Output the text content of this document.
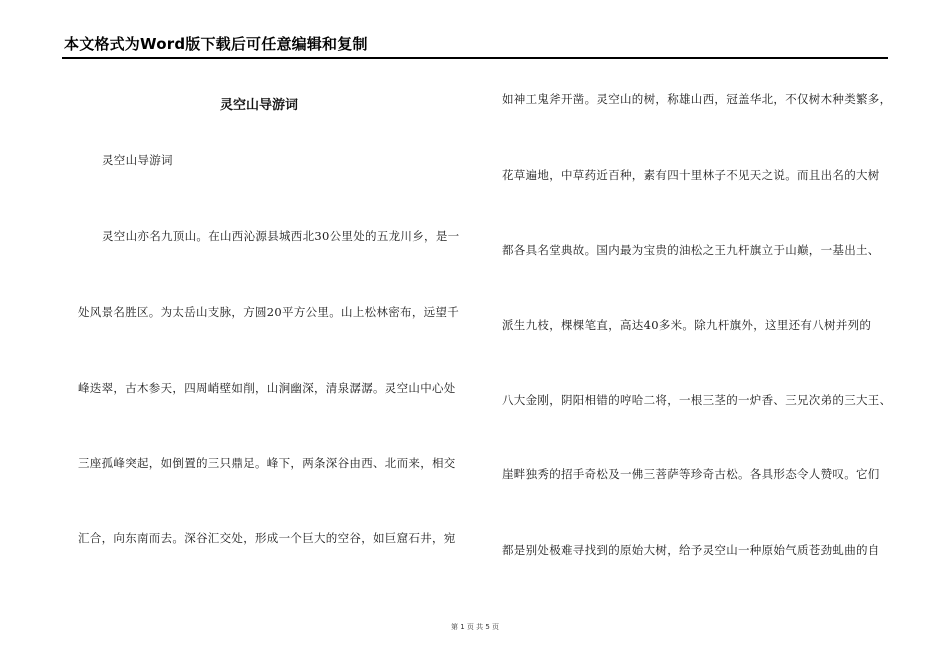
本文格式为Word版下载后可任意编辑和复制
灵空山导游词
灵空山导游词
灵空山亦名九顶山。在山西沁源县城西北30公里处的五龙川乡，是一
处风景名胜区。为太岳山支脉，方圆20平方公里。山上松林密布，远望千
峰迭翠，古木参天，四周峭壁如削，山涧幽深，清泉潺潺。灵空山中心处
三座孤峰突起，如倒置的三只鼎足。峰下，两条深谷由西、北而来，相交
汇合，向东南而去。深谷汇交处，形成一个巨大的空谷，如巨窟石井，宛
如神工鬼斧开凿。灵空山的树，称雄山西，冠盖华北，不仅树木种类繁多，
花草遍地，中草药近百种，素有四十里林子不见天之说。而且出名的大树
都各具名堂典故。国内最为宝贵的油松之王九杆旗立于山巅，一基出土、
派生九枝，棵棵笔直，高达40多米。除九杆旗外，这里还有八树并列的
八大金刚，阴阳相错的哼哈二将，一根三茎的一炉香、三兄次弟的三大王、
崖畔独秀的招手奇松及一佛三菩萨等珍奇古松。各具形态令人赞叹。它们
都是别处极难寻找到的原始大树，给予灵空山一种原始气质苍劲虬曲的自
第 1 页 共 5 页
